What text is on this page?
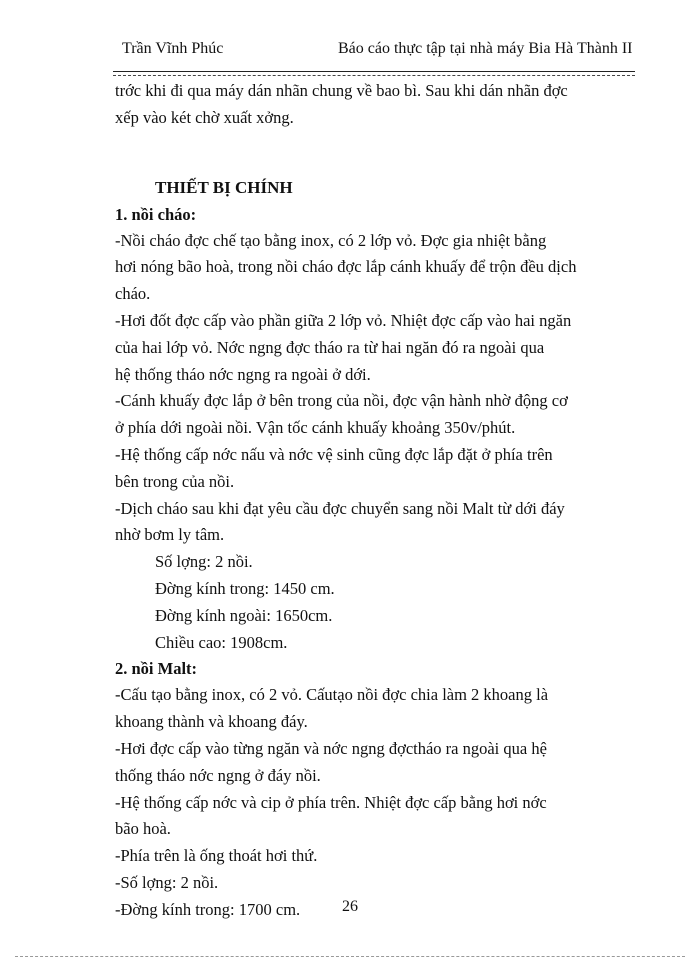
Trần Vĩnh Phúc	Báo cáo thực tập tại nhà máy Bia Hà Thành II
trớc khi đi qua máy dán nhãn chung về bao bì. Sau khi dán nhãn đợc
xếp vào két chờ xuất xởng.
THIẾT BỊ CHÍNH
1. nồi cháo:
-Nồi cháo đợc chế tạo bằng inox, có 2 lớp vỏ. Đợc gia nhiệt bằng
hơi nóng bão hoà, trong nồi cháo đợc lắp cánh khuấy để trộn đều dịch
cháo.
-Hơi đốt đợc cấp vào phần giữa 2 lớp vỏ. Nhiệt đợc cấp vào hai ngăn
của hai lớp vỏ. Nớc ngng đợc tháo ra từ hai ngăn đó ra ngoài qua
hệ thống tháo nớc ngng ra ngoài ở dới.
-Cánh khuấy đợc lắp ở bên trong của nồi, đợc vận hành nhờ động cơ
ở phía dới ngoài nồi. Vận tốc cánh khuấy khoảng 350v/phút.
-Hệ thống cấp nớc nấu và nớc vệ sinh cũng đợc lắp đặt ở phía trên
bên trong của nồi.
-Dịch cháo sau khi đạt yêu cầu đợc chuyển sang nồi Malt từ dới đáy
nhờ bơm ly tâm.
Số lợng: 2 nồi.
Đờng kính trong: 1450 cm.
Đờng kính ngoài: 1650cm.
Chiều cao: 1908cm.
2. nồi Malt:
-Cấu tạo bằng inox, có 2 vỏ. Cấutạo nồi đợc chia làm 2 khoang là
khoang thành và khoang đáy.
-Hơi đợc cấp vào từng ngăn và nớc ngng đợctháo ra ngoài qua hệ
thống tháo nớc ngng ở đáy nồi.
-Hệ thống cấp nớc và cip ở phía trên. Nhiệt đợc cấp bằng hơi nớc
bão hoà.
-Phía trên là ống thoát hơi thứ.
-Số lợng: 2 nồi.
-Đờng kính trong: 1700 cm.	26
